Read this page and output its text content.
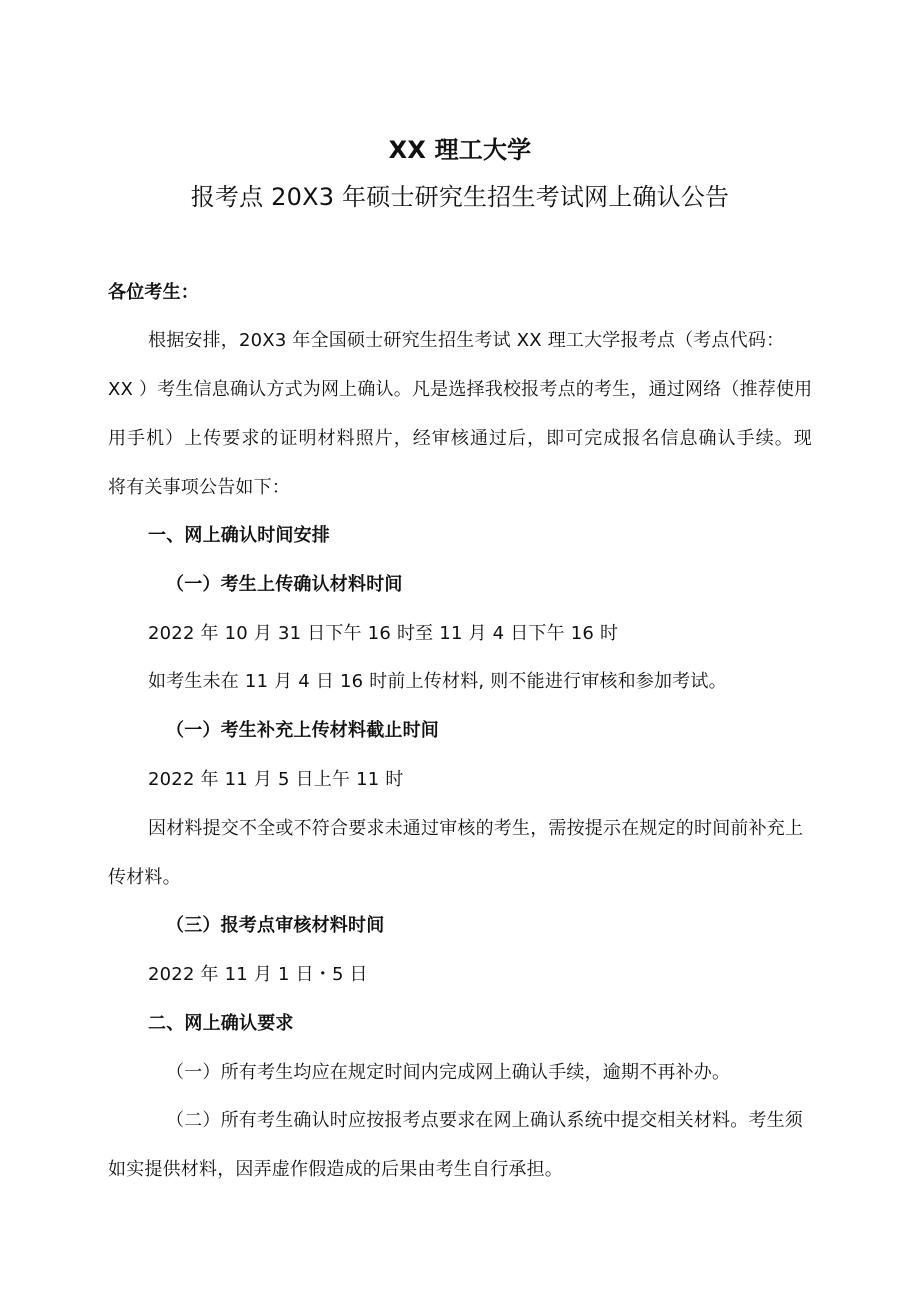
XX 理工大学
报考点 20X3 年硕士研究生招生考试网上确认公告
各位考生：
根据安排，20X3 年全国硕士研究生招生考试 XX 理工大学报考点（考点代码：
XX ）考生信息确认方式为网上确认。凡是选择我校报考点的考生，通过网络（推荐使用
用手机）上传要求的证明材料照片，经审核通过后，即可完成报名信息确认手续。现
将有关事项公告如下：
一、网上确认时间安排
（一）考生上传确认材料时间
2022 年 10 月 31 日下午 16 时至 11 月 4 日下午 16 时
如考生未在 11 月 4 日 16 时前上传材料, 则不能进行审核和参加考试。
（一）考生补充上传材料截止时间
2022 年 11 月 5 日上午 11 时
因材料提交不全或不符合要求未通过审核的考生，需按提示在规定的时间前补充上
传材料。
（三）报考点审核材料时间
2022 年 11 月 1 日・5 日
二、网上确认要求
（一）所有考生均应在规定时间内完成网上确认手续，逾期不再补办。
（二）所有考生确认时应按报考点要求在网上确认系统中提交相关材料。考生须
如实提供材料，因弄虚作假造成的后果由考生自行承担。
